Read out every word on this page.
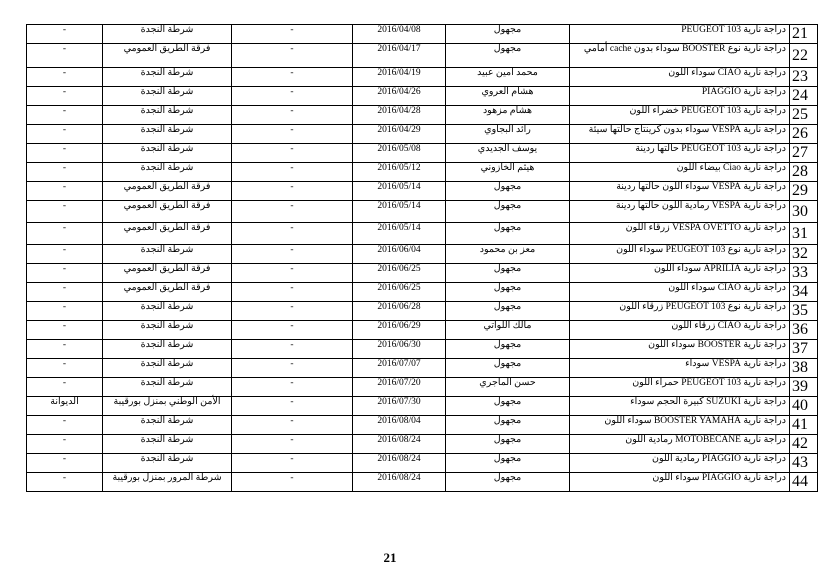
21	دراجة نارية PEUGEOT 103	مجهول	2016/04/08	-	شرطة النجدة	-
22	دراجة نارية نوع BOOSTER سوداء بدون cache أمامي	مجهول	2016/04/17	-	فرقة الطريق العمومي	-
23	دراجة نارية CIAO سوداء اللون	محمد امين عبيد	2016/04/19	-	شرطة النجدة	-
24	دراجة نارية PIAGGIO	هشام العروي	2016/04/26	-	شرطة النجدة	-
25	دراجة نارية PEUGEOT 103 خضراء اللون	هشام مزهود	2016/04/28	-	شرطة النجدة	-
26	دراجة نارية VESPA سوداء بدون كرينتاج حالتها سيئة	رائد البجاوي	2016/04/29	-	شرطة النجدة	-
27	دراجة نارية PEUGEOT 103 حالتها ردينة	يوسف الجديدي	2016/05/08	-	شرطة النجدة	-
28	دراجة نارية Ciao بيضاء اللون	هيثم الخازوني	2016/05/12	-	شرطة النجدة	-
29	دراجة نارية VESPA سوداء اللون حالتها ردينة	مجهول	2016/05/14	-	فرقة الطريق العمومي	-
30	دراجة نارية VESPA رمادية اللون حالتها ردينة	مجهول	2016/05/14	-	فرقة الطريق العمومي	-
31	دراجة نارية VESPA OVETTO زرقاء اللون	مجهول	2016/05/14	-	فرقة الطريق العمومي	-
32	دراجة نارية نوع PEUGEOT 103 سوداء اللون	معز بن محمود	2016/06/04	-	شرطة النجدة	-
33	دراجة نارية APRILIA سوداء اللون	مجهول	2016/06/25	-	فرقة الطريق العمومي	-
34	دراجة نارية CIAO سوداء اللون	مجهول	2016/06/25	-	فرقة الطريق العمومي	-
35	دراجة نارية نوع PEUGEOT 103 زرقاء اللون	مجهول	2016/06/28	-	شرطة النجدة	-
36	دراجة نارية CIAO زرقاء اللون	مالك اللواتي	2016/06/29	-	شرطة النجدة	-
37	دراجة نارية BOOSTER سوداء اللون	مجهول	2016/06/30	-	شرطة النجدة	-
38	دراجة نارية VESPA سوداء	مجهول	2016/07/07	-	شرطة النجدة	-
39	دراجة نارية PEUGEOT 103 حمراء اللون	حسن الماجري	2016/07/20	-	شرطة النجدة	-
40	دراجة نارية SUZUKI كبيرة الحجم سوداء	مجهول	2016/07/30	-	الأمن الوطني بمنزل بورقيبة	الديوانة
41	دراجة نارية BOOSTER YAMAHA سوداء اللون	مجهول	2016/08/04	-	شرطة النجدة	-
42	دراجة نارية MOTOBECANE رمادية اللون	مجهول	2016/08/24	-	شرطة النجدة	-
43	دراجة نارية PIAGGIO رمادية اللون	مجهول	2016/08/24	-	شرطة النجدة	-
44	دراجة نارية PIAGGIO سوداء اللون	مجهول	2016/08/24	-	شرطة المرور بمنزل بورقيبة	-
21
